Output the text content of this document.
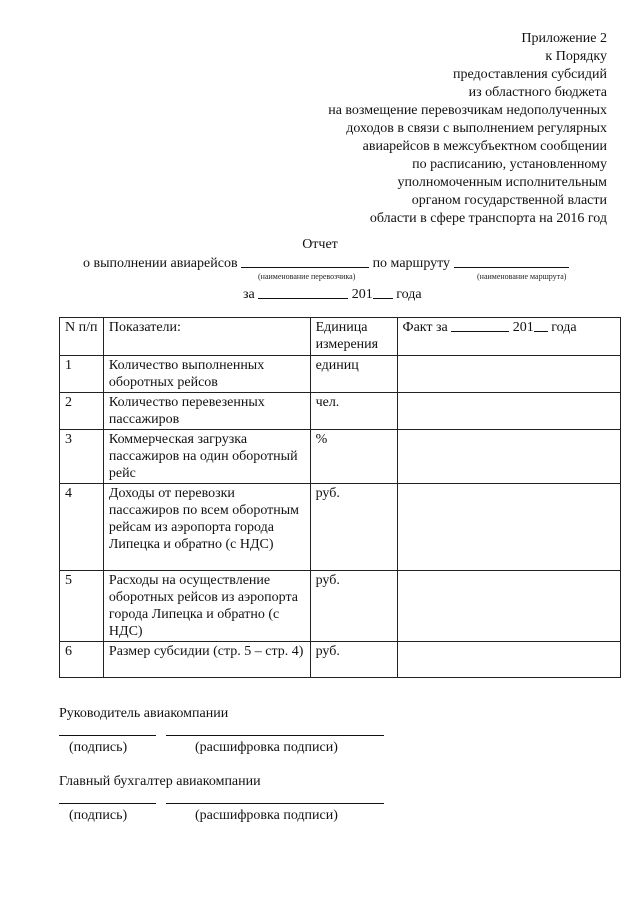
Приложение 2
к Порядку
предоставления субсидий
из областного бюджета
на возмещение перевозчикам недополученных
доходов в связи с выполнением регулярных
авиарейсов в межсубъектном сообщении
по расписанию, установленному
уполномоченным исполнительным
органом государственной власти
области в сфере транспорта на 2016 год
Отчет
о выполнении авиарейсов	по маршруту
(наименование перевозчика)	(наименование маршрута)
за	201 года
N п/п	Показатели:	Единица измерения	Факт за 201 года
1	Количество выполненных оборотных рейсов	единиц	
2	Количество перевезенных пассажиров	чел.	
3	Коммерческая загрузка пассажиров на один оборотный рейс	%	
4	Доходы от перевозки пассажиров по всем оборотным рейсам из аэропорта города Липецка и обратно (с НДС)	руб.	
5	Расходы на осуществление оборотных рейсов из аэропорта города Липецка и обратно (с НДС)	руб.	
6	Размер субсидии (стр. 5 – стр. 4)	руб.	
Руководитель авиакомпании
(подпись)	(расшифровка подписи)
Главный бухгалтер авиакомпании
(подпись)	(расшифровка подписи)
